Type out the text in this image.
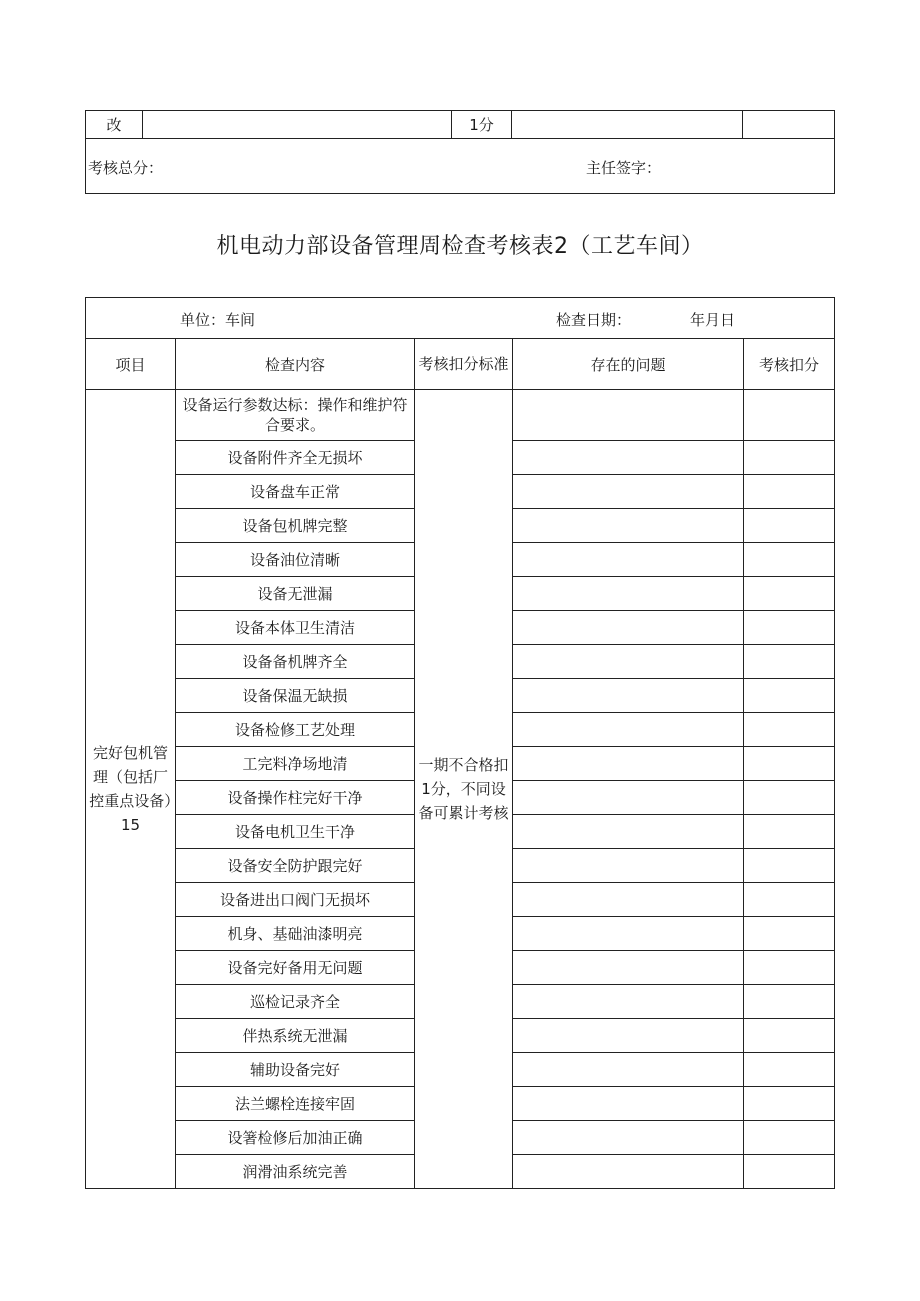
改		1分		

考核总分：	主任签字：
机电动力部设备管理周检查考核表2（工艺车间）
单位：车间 检查日期： 年月日				

项目	检查内容	考核扣分标准	存在的问题	考核扣分
完好包机管理（包括厂控重点设备）15	设备运行参数达标：操作和维护符合要求。	一期不合格扣1分，不同设备可累计考核		
	设备附件齐全无损坏			
	设备盘车正常			
	设备包机牌完整			
	设备油位清晰			
	设备无泄漏			
	设备本体卫生清洁			
	设备备机牌齐全			
	设备保温无缺损			
	设备检修工艺处理			
	工完料净场地清			
	设备操作柱完好干净			
	设备电机卫生干净			
	设备安全防护跟完好			
	设备进出口阀门无损坏			
	机身、基础油漆明亮			
	设备完好备用无问题			
	巡检记录齐全			
	伴热系统无泄漏			
	辅助设备完好			
	法兰螺栓连接牢固			
	设箸检修后加油正确			
	润滑油系统完善			
